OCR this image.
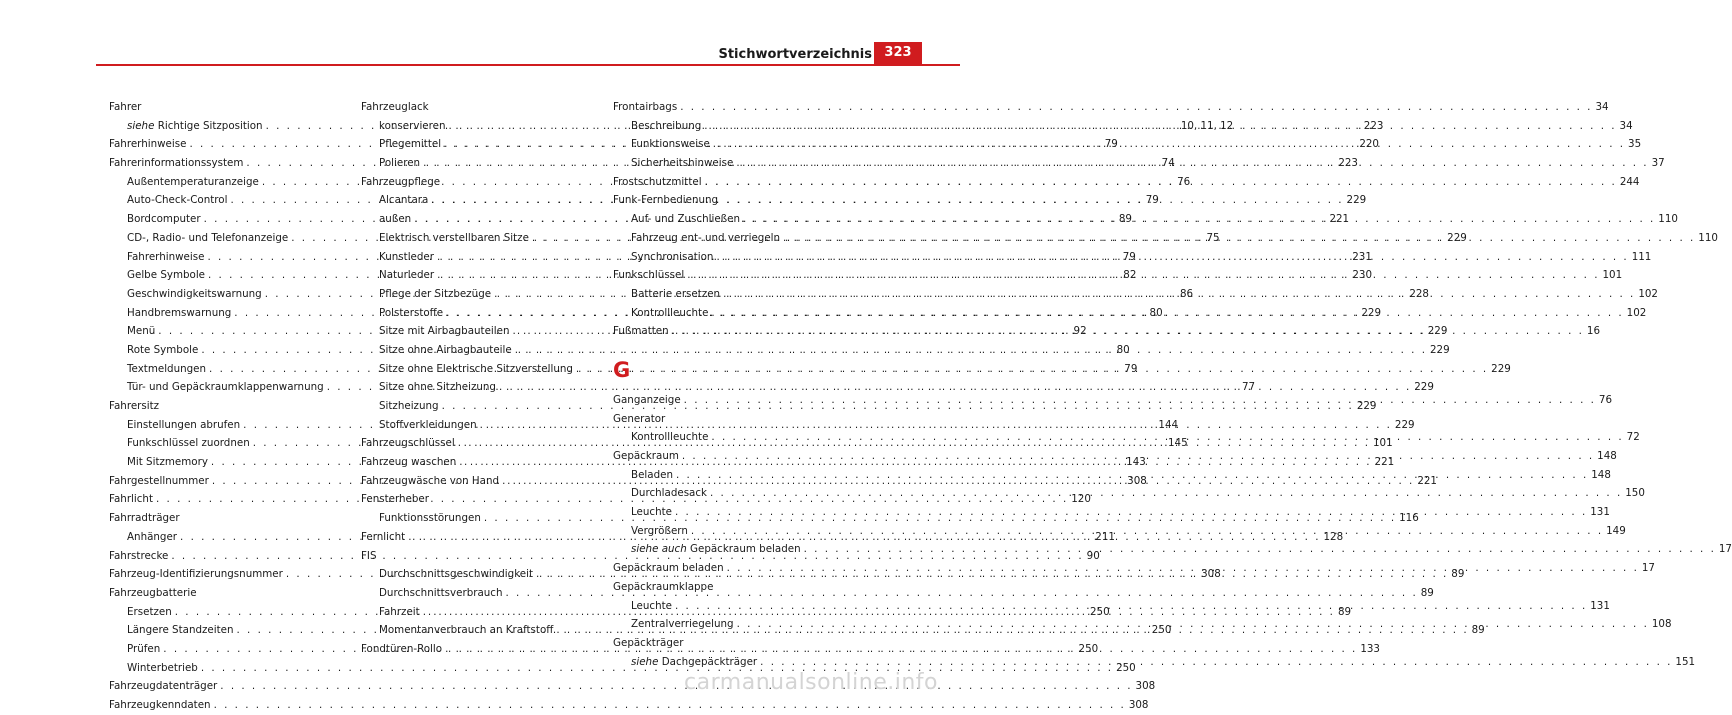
Stichwortverzeichnis 323
Fahrer
siehe Richtige Sitzposition . . .	10, 11, 12
Fahrerhinweise . . .	79
Fahrerinformationssystem . . .	74
Außentemperaturanzeige . . .	76
Auto-Check-Control . . .	79
Bordcomputer . . .	89
CD-, Radio- und Telefonanzeige . . .	75
Fahrerhinweise . . .	79
Gelbe Symbole . . .	82
Geschwindigkeitswarnung . . .	86
Handbremswarnung . . .	80
Menü . . .	92
Rote Symbole . . .	80
Textmeldungen . . .	79
Tür- und Gepäckraumklappenwarnung . . .	77
Fahrersitz
Einstellungen abrufen . . .	144
Funkschlüssel zuordnen . . .	145
Mit Sitzmemory . . .	143
Fahrgestellnummer . . .	308
Fahrlicht . . .	120
Fahrradträger
Anhänger . . .	211
Fahrstrecke . . .	90
Fahrzeug-Identifizierungsnummer . . .	308
Fahrzeugbatterie
Ersetzen . . .	250
Längere Standzeiten . . .	250
Prüfen . . .	250
Winterbetrieb . . .	250
Fahrzeugdatenträger . . .	308
Fahrzeugkenndaten . . .	308
Fahrzeuglack
konservieren . . .	223
Pflegemittel . . .	220
Polieren . . .	223
Fahrzeugpflege
Alcantara . . .	229
außen . . .	221
Elektrisch verstellbaren Sitze . . .	229
Kunstleder . . .	231
Naturleder . . .	230
Pflege der Sitzbezüge . . .	228
Polsterstoffe . . .	229
Sitze mit Airbagbauteilen . . .	229
Sitze ohne Airbagbauteile . . .	229
Sitze ohne Elektrische Sitzverstellung . . .	229
Sitze ohne Sitzheizung . . .	229
Sitzheizung . . .	229
Stoffverkleidungen . . .	229
Fahrzeugschlüssel . . .	101
Fahrzeug waschen . . .	221
Fahrzeugwäsche von Hand . . .	221
Fensterheber
Funktionsstörungen . . .	116
Fernlicht . . .	128
FIS
Durchschnittsgeschwindigkeit . . .	89
Durchschnittsverbrauch . . .	89
Fahrzeit . . .	89
Momentanverbrauch an Kraftstoff . . .	89
Fondtüren-Rollo . . .	133
Frontairbags . . .	34
Beschreibung . . .	34
Funktionsweise . . .	35
Sicherheitshinweise . . .	37
Frostschutzmittel . . .	244
Funk-Fernbedienung
Auf- und Zuschließen . . .	110
Fahrzeug ent- und verriegeln . . .	110
Synchronisation . . .	111
Funkschlüssel . . .	101
Batterie ersetzen . . .	102
Kontrollleuchte . . .	102
Fußmatten . . .	16
G
Ganganzeige . . .	76
Generator
Kontrollleuchte . . .	72
Gepäckraum . . .	148
Beladen . . .	148
Durchladesack . . .	150
Leuchte . . .	131
Vergrößern . . .	149
siehe auch Gepäckraum beladen . . .	17
Gepäckraum beladen . . .	17
Gepäckraumklappe
Leuchte . . .	131
Zentralverriegelung . . .	108
Gepäckträger
siehe Dachgepäckträger . . .	151
carmanualsonline.info
